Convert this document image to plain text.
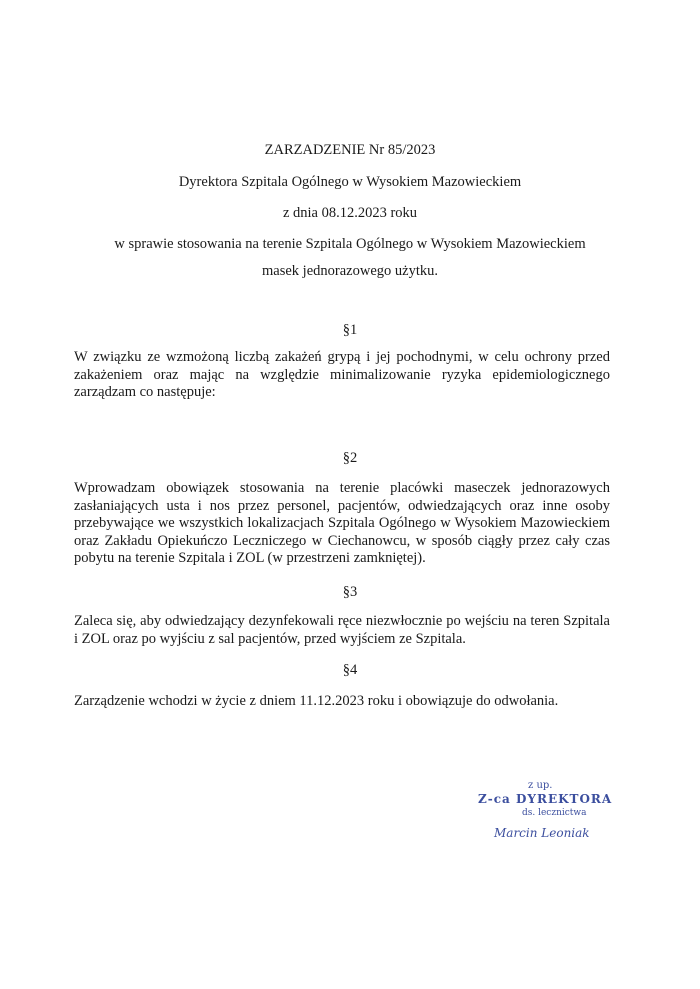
ZARZADZENIE Nr 85/2023
Dyrektora Szpitala Ogólnego w Wysokiem Mazowieckiem
z dnia 08.12.2023 roku
w sprawie stosowania na terenie Szpitala Ogólnego w Wysokiem Mazowieckiem
masek jednorazowego użytku.
§1
W związku ze wzmożoną liczbą zakażeń grypą i jej pochodnymi, w celu ochrony przed
zakażeniem oraz mając na względzie minimalizowanie ryzyka epidemiologicznego
zarządzam co następuje:
§2
Wprowadzam obowiązek stosowania na terenie placówki maseczek jednorazowych
zasłaniających usta i nos przez personel, pacjentów, odwiedzających oraz inne osoby
przebywające we wszystkich lokalizacjach Szpitala Ogólnego w Wysokiem Mazowieckiem
oraz Zakładu Opiekuńczo Leczniczego w Ciechanowcu, w sposób ciągły przez cały czas
pobytu na terenie Szpitala i ZOL (w przestrzeni zamkniętej).
§3
Zaleca się, aby odwiedzający dezynfekowali ręce niezwłocznie po wejściu na teren Szpitala
i ZOL oraz po wyjściu z sal pacjentów, przed wyjściem ze Szpitala.
§4
Zarządzenie wchodzi w życie z dniem 11.12.2023 roku i obowiązuje do odwołania.
z up.
Z-ca DYREKTORA
ds. lecznictwa
Marcin Leoniak
